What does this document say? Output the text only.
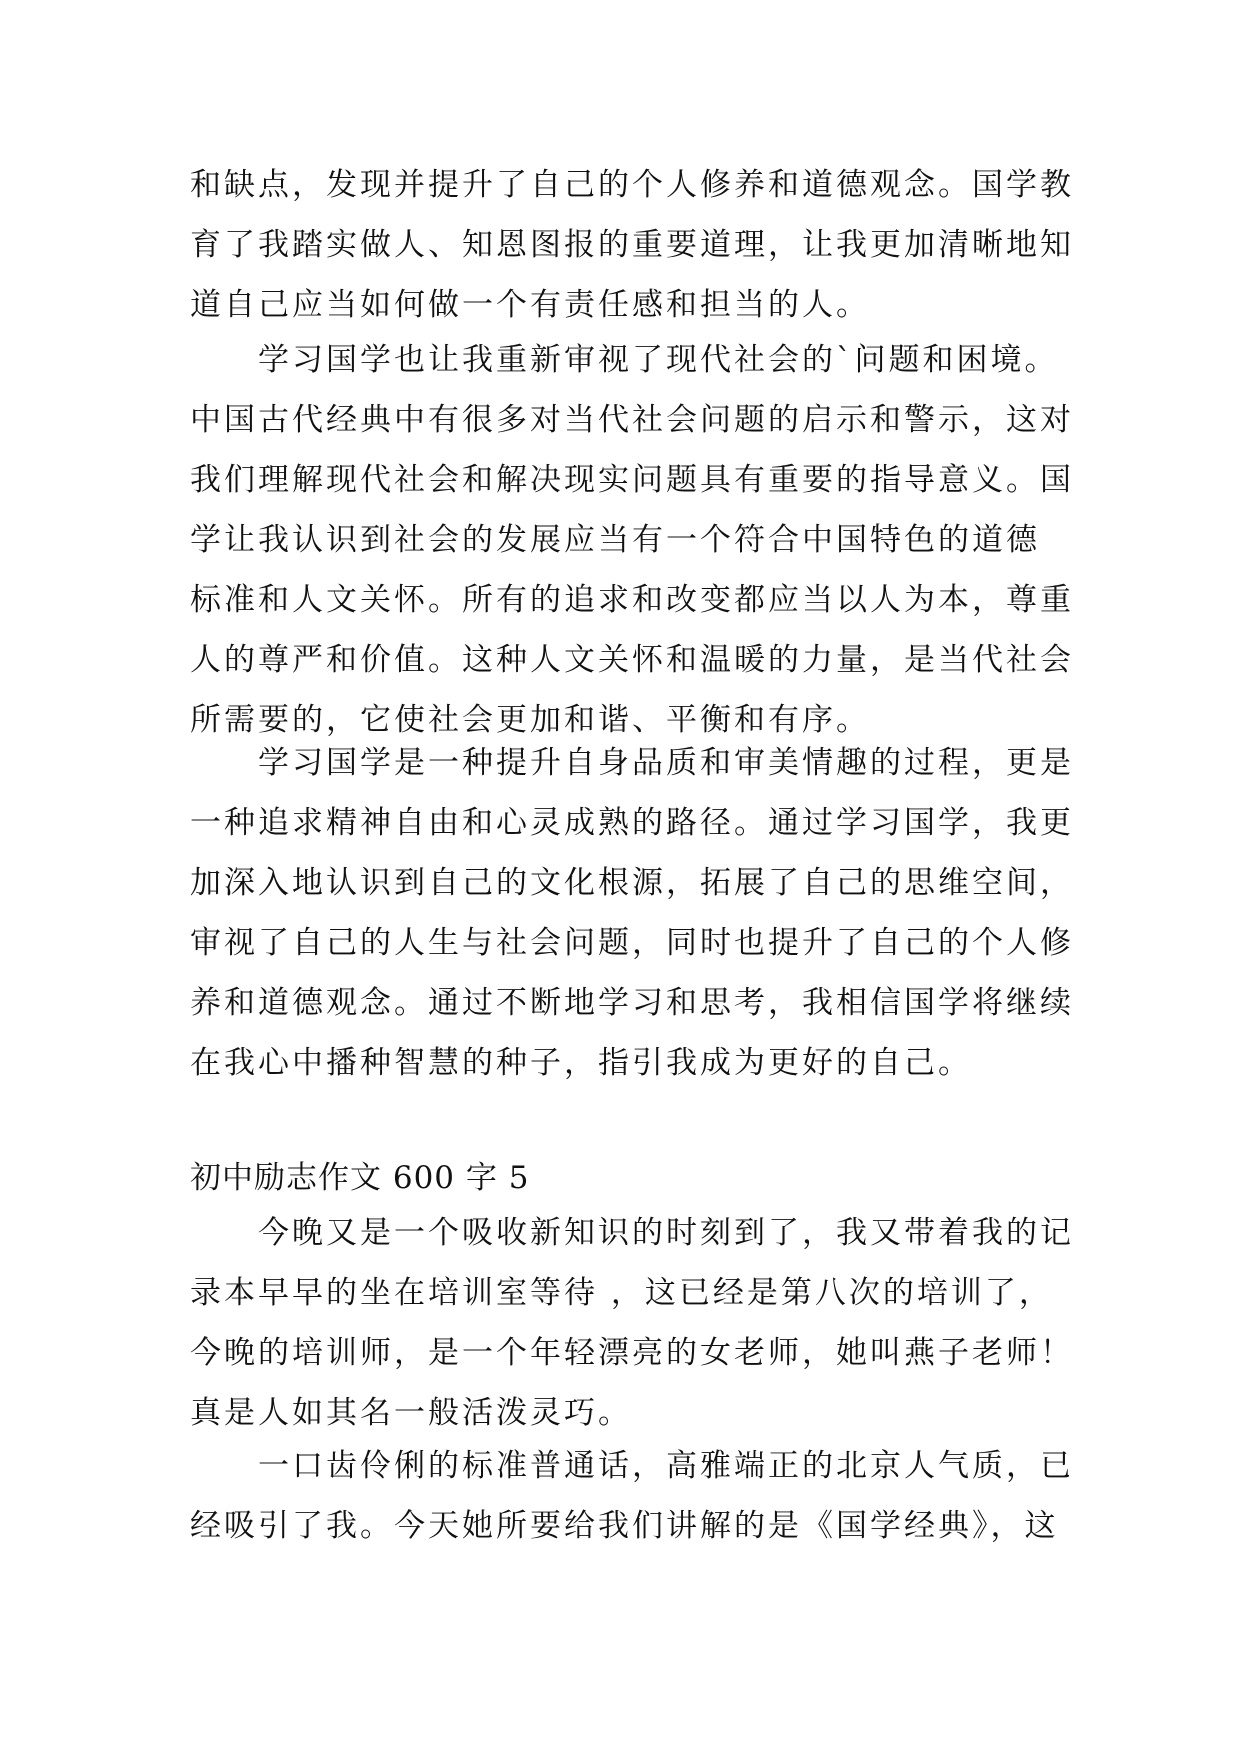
和缺点，发现并提升了自己的个人修养和道德观念。国学教
育了我踏实做人、知恩图报的重要道理，让我更加清晰地知
道自己应当如何做一个有责任感和担当的人。
　　学习国学也让我重新审视了现代社会的`问题和困境。
中国古代经典中有很多对当代社会问题的启示和警示，这对
我们理解现代社会和解决现实问题具有重要的指导意义。国
学让我认识到社会的发展应当有一个符合中国特色的道德
标准和人文关怀。所有的追求和改变都应当以人为本，尊重
人的尊严和价值。这种人文关怀和温暖的力量，是当代社会
所需要的，它使社会更加和谐、平衡和有序。
　　学习国学是一种提升自身品质和审美情趣的过程，更是
一种追求精神自由和心灵成熟的路径。通过学习国学，我更
加深入地认识到自己的文化根源，拓展了自己的思维空间，
审视了自己的人生与社会问题，同时也提升了自己的个人修
养和道德观念。通过不断地学习和思考，我相信国学将继续
在我心中播种智慧的种子，指引我成为更好的自己。
初中励志作文 600 字 5
　　今晚又是一个吸收新知识的时刻到了，我又带着我的记
录本早早的坐在培训室等待 ，这已经是第八次的培训了，
今晚的培训师，是一个年轻漂亮的女老师，她叫燕子老师！
真是人如其名一般活泼灵巧。
　　一口齿伶俐的标准普通话，高雅端正的北京人气质，已
经吸引了我。今天她所要给我们讲解的是《国学经典》，这
